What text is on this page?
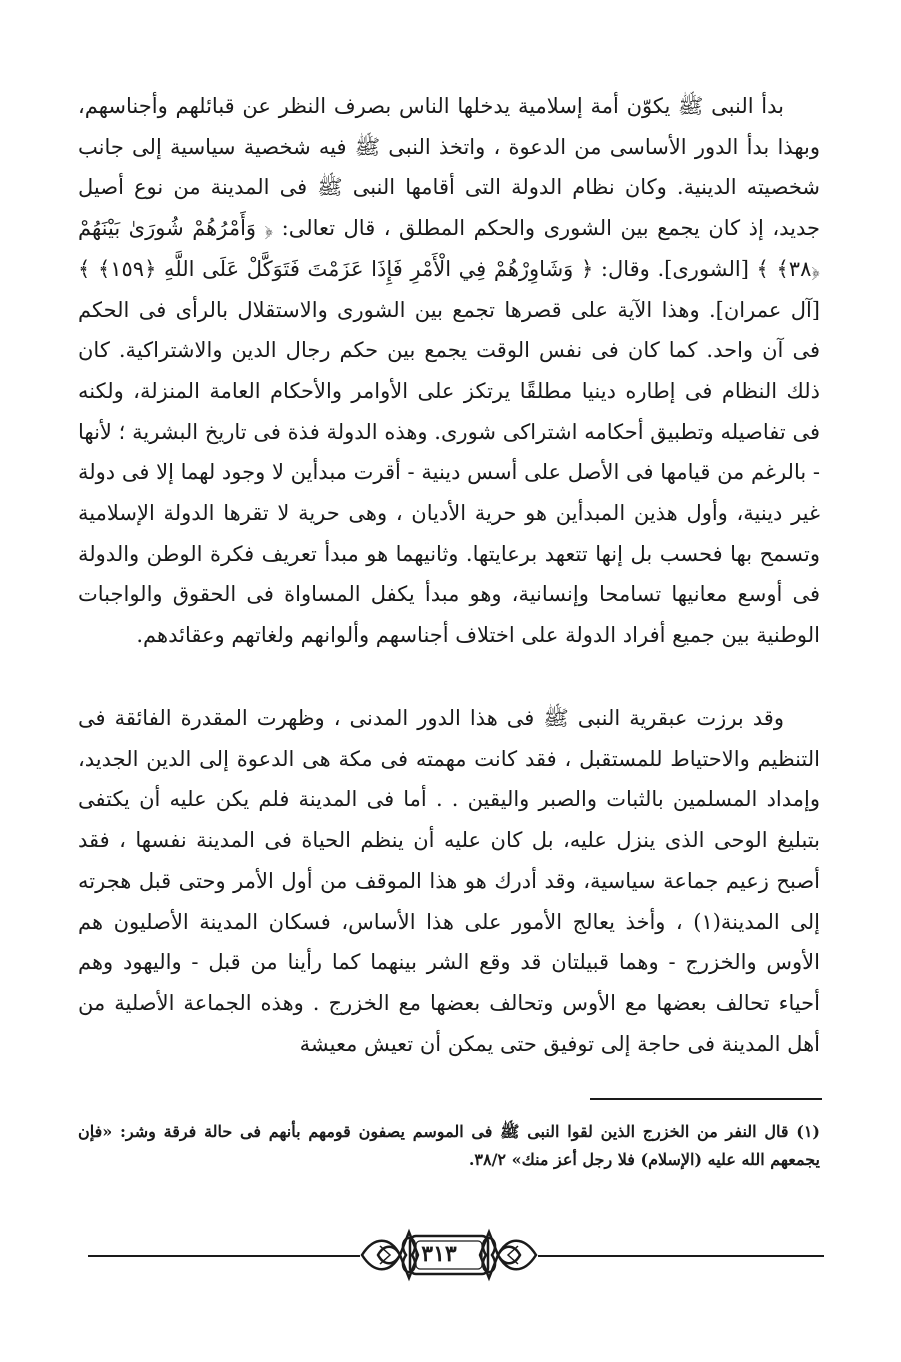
بدأ النبى ﷺ يكوّن أمة إسلامية يدخلها الناس بصرف النظر عن قبائلهم وأجناسهم، وبهذا بدأ الدور الأساسى من الدعوة ، واتخذ النبى ﷺ فيه شخصية سياسية إلى جانب شخصيته الدينية. وكان نظام الدولة التى أقامها النبى ﷺ فى المدينة من نوع أصيل جديد، إذ كان يجمع بين الشورى والحكم المطلق ، قال تعالى: ﴿ وَأَمْرُهُمْ شُورَىٰ بَيْنَهُمْ ﴿٣٨﴾ ﴾ [الشورى]. وقال: ﴿ وَشَاوِرْهُمْ فِي الْأَمْرِ فَإِذَا عَزَمْتَ فَتَوَكَّلْ عَلَى اللَّهِ ﴿١٥٩﴾ ﴾ [آل عمران]. وهذا الآية على قصرها تجمع بين الشورى والاستقلال بالرأى فى الحكم فى آن واحد. كما كان فى نفس الوقت يجمع بين حكم رجال الدين والاشتراكية. كان ذلك النظام فى إطاره دينيا مطلقًا يرتكز على الأوامر والأحكام العامة المنزلة، ولكنه فى تفاصيله وتطبيق أحكامه اشتراكى شورى. وهذه الدولة فذة فى تاريخ البشرية ؛ لأنها - بالرغم من قيامها فى الأصل على أسس دينية - أقرت مبدأين لا وجود لهما إلا فى دولة غير دينية، وأول هذين المبدأين هو حرية الأديان ، وهى حرية لا تقرها الدولة الإسلامية وتسمح بها فحسب بل إنها تتعهد برعايتها. وثانيهما هو مبدأ تعريف فكرة الوطن والدولة فى أوسع معانيها تسامحا وإنسانية، وهو مبدأ يكفل المساواة فى الحقوق والواجبات الوطنية بين جميع أفراد الدولة على اختلاف أجناسهم وألوانهم ولغاتهم وعقائدهم.

وقد برزت عبقرية النبى ﷺ فى هذا الدور المدنى ، وظهرت المقدرة الفائقة فى التنظيم والاحتياط للمستقبل ، فقد كانت مهمته فى مكة هى الدعوة إلى الدين الجديد، وإمداد المسلمين بالثبات والصبر واليقين . . أما فى المدينة فلم يكن عليه أن يكتفى بتبليغ الوحى الذى ينزل عليه، بل كان عليه أن ينظم الحياة فى المدينة نفسها ، فقد أصبح زعيم جماعة سياسية، وقد أدرك هو هذا الموقف من أول الأمر وحتى قبل هجرته إلى المدينة(١) ، وأخذ يعالج الأمور على هذا الأساس، فسكان المدينة الأصليون هم الأوس والخزرج - وهما قبيلتان قد وقع الشر بينهما كما رأينا من قبل - واليهود وهم أحياء تحالف بعضها مع الأوس وتحالف بعضها مع الخزرج . وهذه الجماعة الأصلية من أهل المدينة فى حاجة إلى توفيق حتى يمكن أن تعيش معيشة

(١) قال النفر من الخزرج الذين لقوا النبى ﷺ فى الموسم يصفون قومهم بأنهم فى حالة فرقة وشر: «فإن يجمعهم الله عليه (الإسلام) فلا رجل أعز منك» ٣٨/٢.
٣١٣
